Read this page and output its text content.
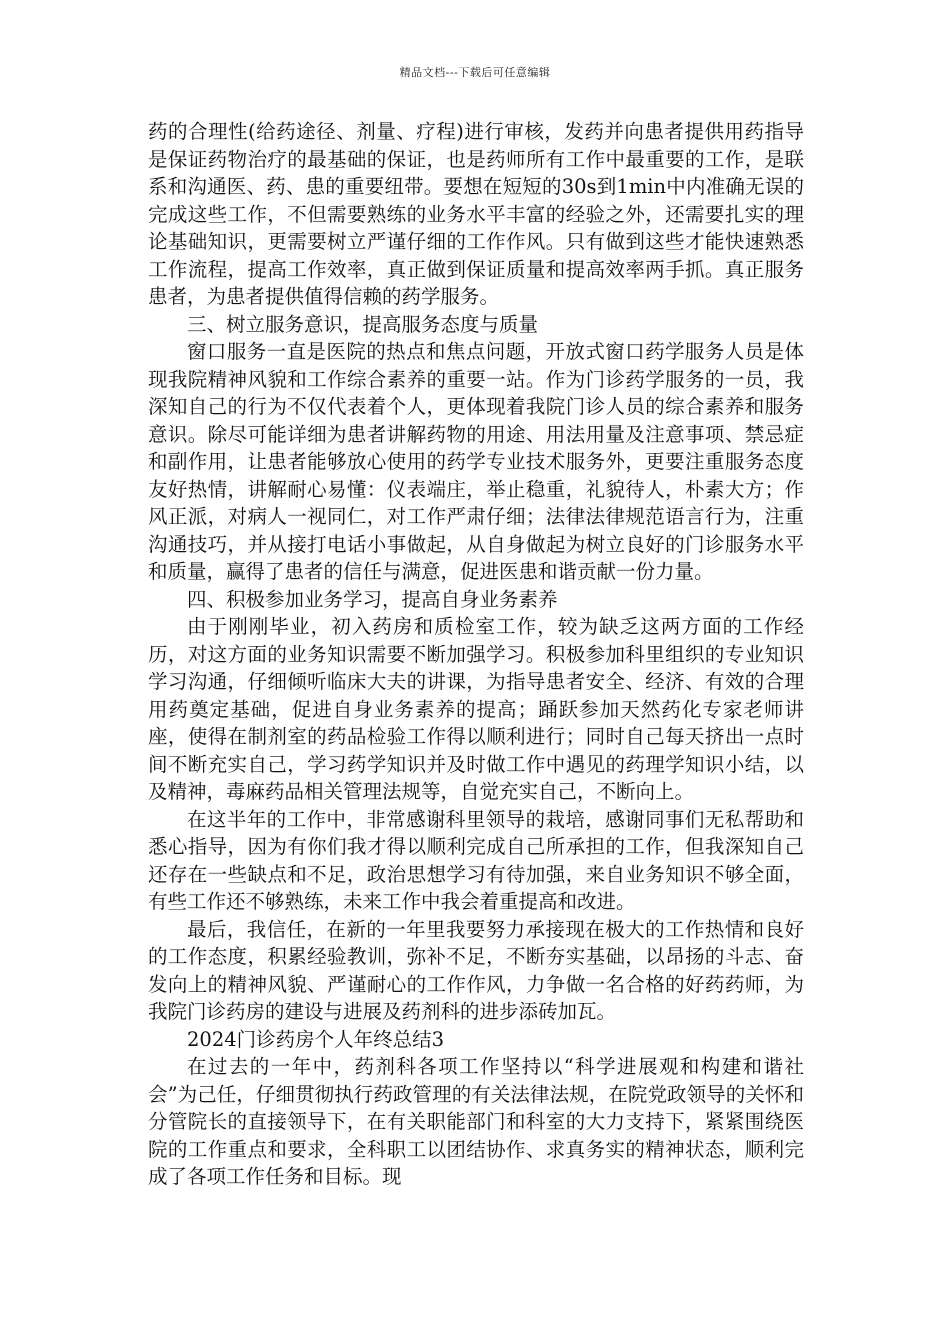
精品文档---下载后可任意编辑

药的合理性(给药途径、剂量、疗程)进行审核，发药并向患者提供用药指导是保证药物治疗的最基础的保证，也是药师所有工作中最重要的工作，是联系和沟通医、药、患的重要纽带。要想在短短的30s到1min中内准确无误的完成这些工作，不但需要熟练的业务水平丰富的经验之外，还需要扎实的理论基础知识，更需要树立严谨仔细的工作作风。只有做到这些才能快速熟悉工作流程，提高工作效率，真正做到保证质量和提高效率两手抓。真正服务患者，为患者提供值得信赖的药学服务。

三、树立服务意识，提高服务态度与质量

窗口服务一直是医院的热点和焦点问题，开放式窗口药学服务人员是体现我院精神风貌和工作综合素养的重要一站。作为门诊药学服务的一员，我深知自己的行为不仅代表着个人，更体现着我院门诊人员的综合素养和服务意识。除尽可能详细为患者讲解药物的用途、用法用量及注意事项、禁忌症和副作用，让患者能够放心使用的药学专业技术服务外，更要注重服务态度友好热情，讲解耐心易懂：仪表端庄，举止稳重，礼貌待人，朴素大方；作风正派，对病人一视同仁，对工作严肃仔细；法律法律规范语言行为，注重沟通技巧，并从接打电话小事做起，从自身做起为树立良好的门诊服务水平和质量，赢得了患者的信任与满意，促进医患和谐贡献一份力量。

四、积极参加业务学习，提高自身业务素养

由于刚刚毕业，初入药房和质检室工作，较为缺乏这两方面的工作经历，对这方面的业务知识需要不断加强学习。积极参加科里组织的专业知识学习沟通，仔细倾听临床大夫的讲课，为指导患者安全、经济、有效的合理用药奠定基础，促进自身业务素养的提高；踊跃参加天然药化专家老师讲座，使得在制剂室的药品检验工作得以顺利进行；同时自己每天挤出一点时间不断充实自己，学习药学知识并及时做工作中遇见的药理学知识小结，以及精神，毒麻药品相关管理法规等，自觉充实自己，不断向上。

在这半年的工作中，非常感谢科里领导的栽培，感谢同事们无私帮助和悉心指导，因为有你们我才得以顺利完成自己所承担的工作，但我深知自己还存在一些缺点和不足，政治思想学习有待加强，来自业务知识不够全面，有些工作还不够熟练，未来工作中我会着重提高和改进。

最后，我信任，在新的一年里我要努力承接现在极大的工作热情和良好的工作态度，积累经验教训，弥补不足，不断夯实基础，以昂扬的斗志、奋发向上的精神风貌、严谨耐心的工作作风，力争做一名合格的好药药师，为我院门诊药房的建设与进展及药剂科的进步添砖加瓦。

2024门诊药房个人年终总结3

在过去的一年中，药剂科各项工作坚持以“科学进展观和构建和谐社会”为己任，仔细贯彻执行药政管理的有关法律法规，在院党政领导的关怀和分管院长的直接领导下，在有关职能部门和科室的大力支持下，紧紧围绕医院的工作重点和要求，全科职工以团结协作、求真务实的精神状态，顺利完成了各项工作任务和目标。现
